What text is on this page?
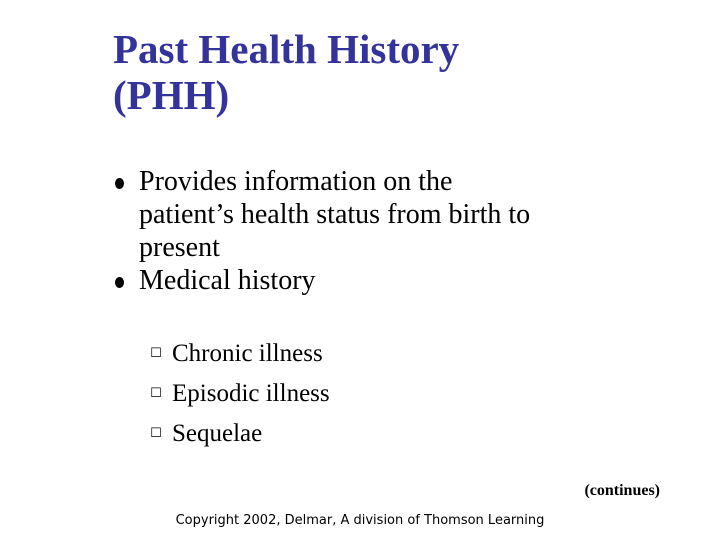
Past Health History
(PHH)
Provides information on the
patient’s health status from birth to
present
Medical history
☐ Chronic illness
☐ Episodic illness
☐ Sequelae
(continues)
Copyright 2002, Delmar, A division of Thomson Learning
